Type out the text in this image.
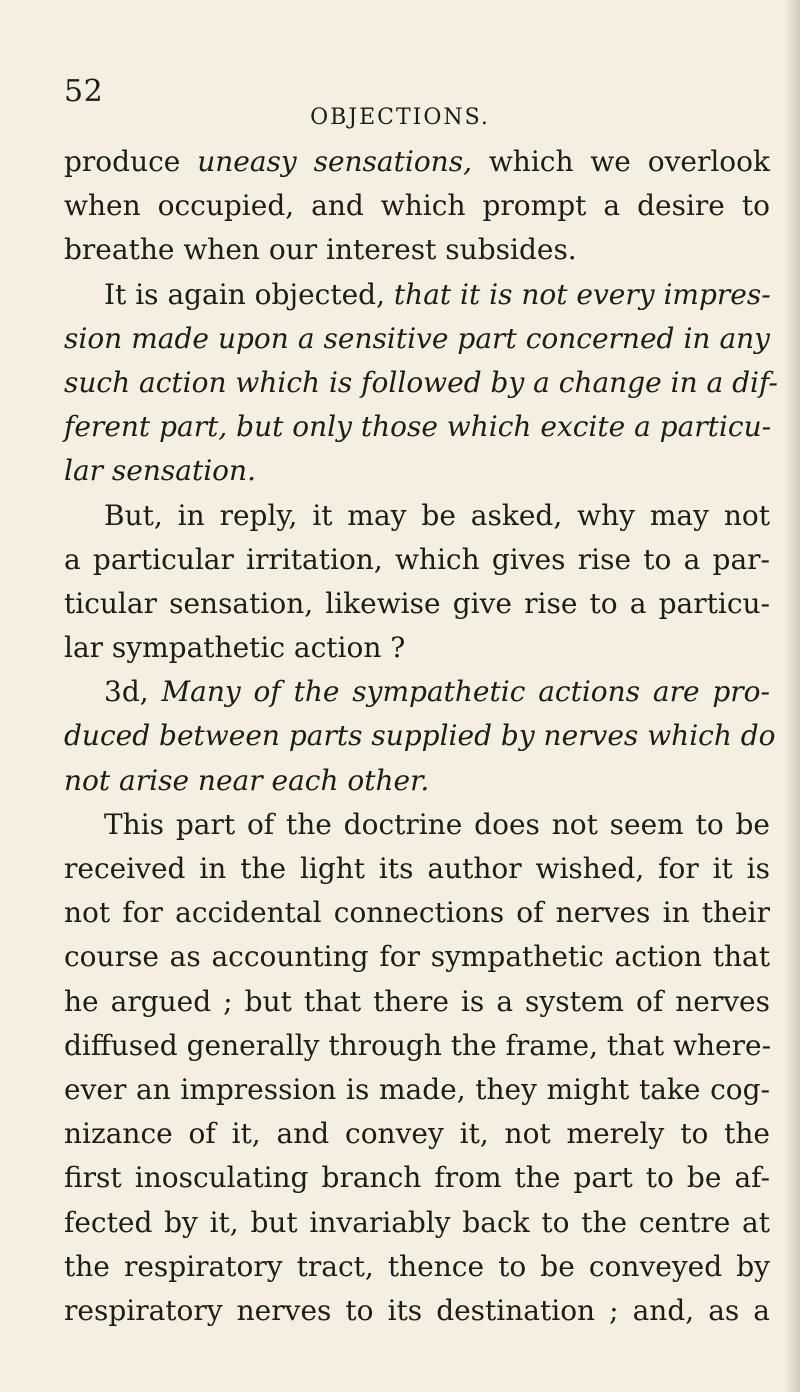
52
OBJECTIONS.
produce uneasy sensations, which we overlook
when occupied, and which prompt a desire to
breathe when our interest subsides.
It is again objected, that it is not every impres-
sion made upon a sensitive part concerned in any
such action which is followed by a change in a dif-
ferent part, but only those which excite a particu-
lar sensation.
But, in reply, it may be asked, why may not
a particular irritation, which gives rise to a par-
ticular sensation, likewise give rise to a particu-
lar sympathetic action ?
3d, Many of the sympathetic actions are pro-
duced between parts supplied by nerves which do
not arise near each other.
This part of the doctrine does not seem to be
received in the light its author wished, for it is
not for accidental connections of nerves in their
course as accounting for sympathetic action that
he argued ; but that there is a system of nerves
diffused generally through the frame, that where-
ever an impression is made, they might take cog-
nizance of it, and convey it, not merely to the
first inosculating branch from the part to be af-
fected by it, but invariably back to the centre at
the respiratory tract, thence to be conveyed by
respiratory nerves to its destination ; and, as a
